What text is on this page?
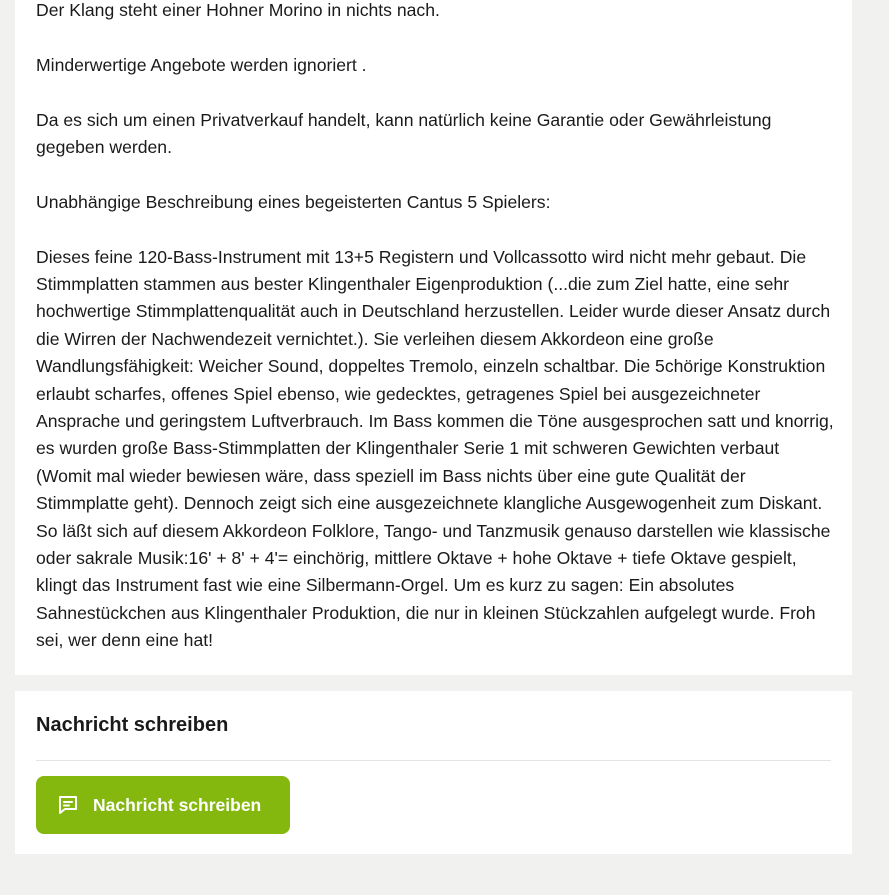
Der Klang steht einer Hohner Morino in nichts nach.

Minderwertige Angebote werden ignoriert .

Da es sich um einen Privatverkauf handelt, kann natürlich keine Garantie oder Gewährleistung gegeben werden.

Unabhängige Beschreibung eines begeisterten Cantus 5 Spielers:

Dieses feine 120-Bass-Instrument mit 13+5 Registern und Vollcassotto wird nicht mehr gebaut. Die Stimmplatten stammen aus bester Klingenthaler Eigenproduktion (...die zum Ziel hatte, eine sehr hochwertige Stimmplattenqualität auch in Deutschland herzustellen. Leider wurde dieser Ansatz durch die Wirren der Nachwendezeit vernichtet.). Sie verleihen diesem Akkordeon eine große Wandlungsfähigkeit: Weicher Sound, doppeltes Tremolo, einzeln schaltbar. Die 5chörige Konstruktion erlaubt scharfes, offenes Spiel ebenso, wie gedecktes, getragenes Spiel bei ausgezeichneter Ansprache und geringstem Luftverbrauch. Im Bass kommen die Töne ausgesprochen satt und knorrig, es wurden große Bass-Stimmplatten der Klingenthaler Serie 1 mit schweren Gewichten verbaut (Womit mal wieder bewiesen wäre, dass speziell im Bass nichts über eine gute Qualität der Stimmplatte geht). Dennoch zeigt sich eine ausgezeichnete klangliche Ausgewogenheit zum Diskant. So läßt sich auf diesem Akkordeon Folklore, Tango- und Tanzmusik genauso darstellen wie klassische oder sakrale Musik:16' + 8' + 4'= einchörig, mittlere Oktave + hohe Oktave + tiefe Oktave gespielt, klingt das Instrument fast wie eine Silbermann-Orgel. Um es kurz zu sagen: Ein absolutes Sahnestückchen aus Klingenthaler Produktion, die nur in kleinen Stückzahlen aufgelegt wurde. Froh sei, wer denn eine hat!

Nachricht schreiben
Nachricht schreiben
